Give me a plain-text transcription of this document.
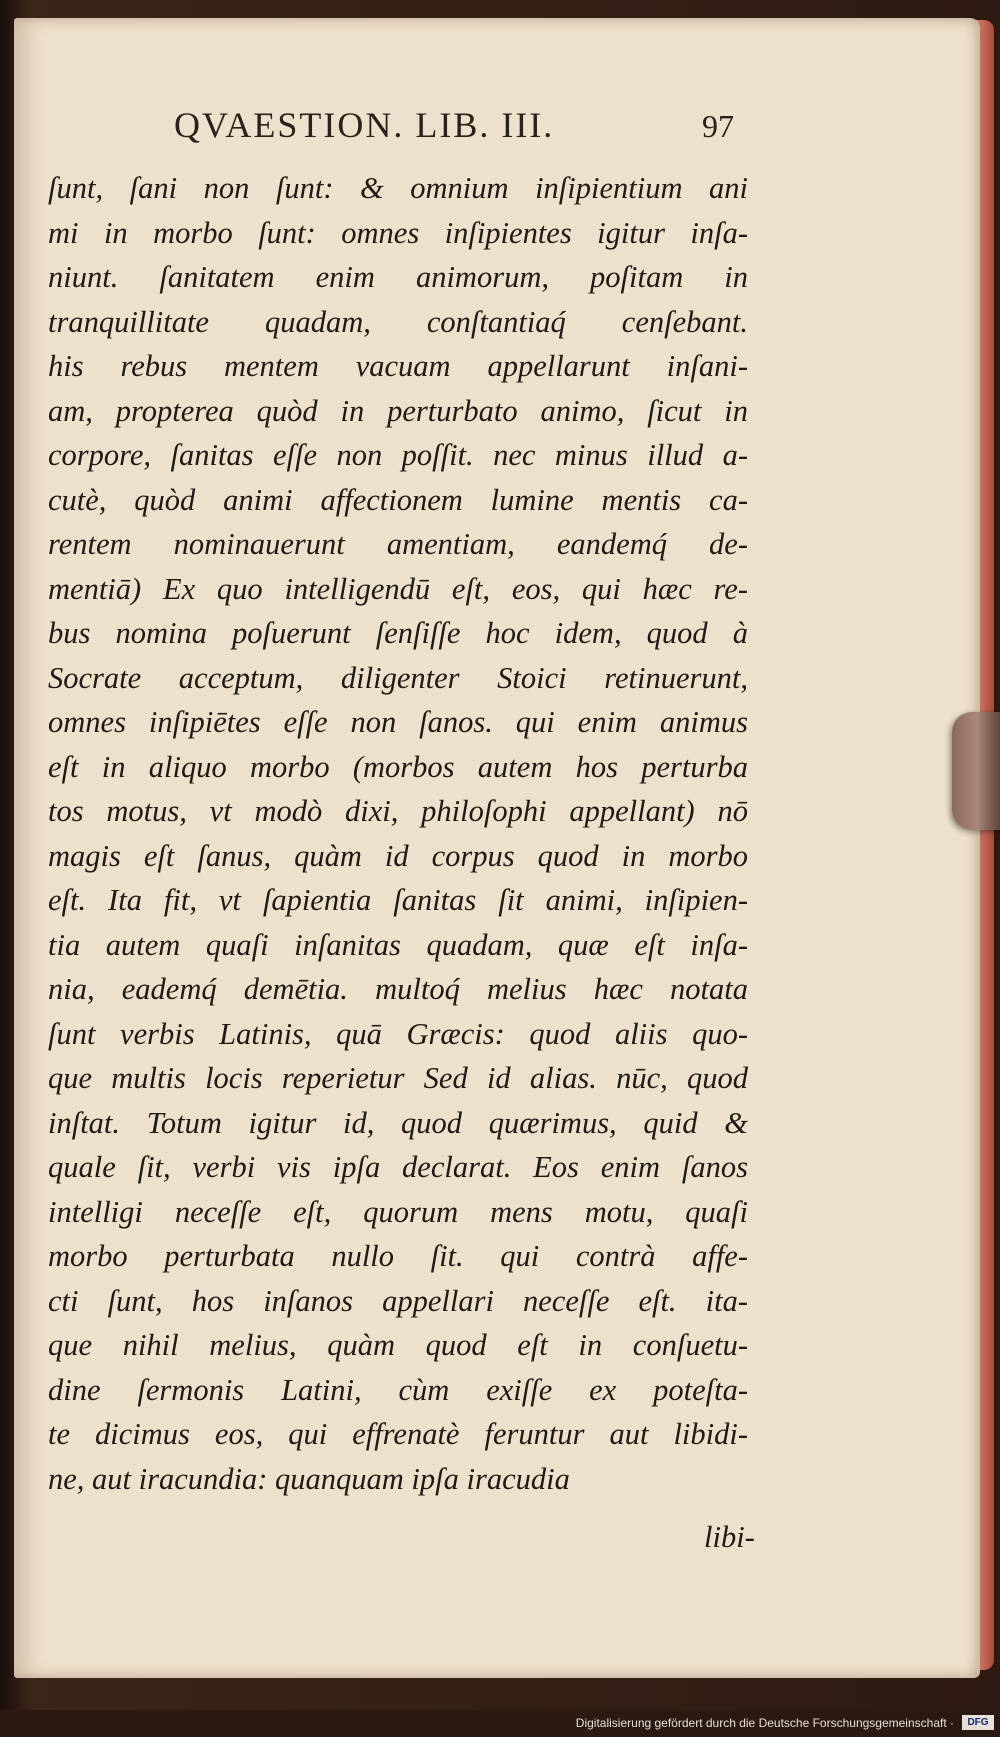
QVAESTION. LIB. III.	97
ſunt, ſani non ſunt: & omnium inſipientium ani
mi in morbo ſunt: omnes inſipientes igitur inſa-
niunt. ſanitatem enim animorum, poſitam in
tranquillitate quadam, conſtantiaq́ cenſebant.
his rebus mentem vacuam appellarunt inſani-
am, propterea quòd in perturbato animo, ſicut in
corpore, ſanitas eſſe non poſſit. nec minus illud a-
cutè, quòd animi affectionem lumine mentis ca-
rentem nominauerunt amentiam, eandemq́ de-
mentiā) Ex quo intelligendū eſt, eos, qui hæc re-
bus nomina poſuerunt ſenſiſſe hoc idem, quod à
Socrate acceptum, diligenter Stoici retinuerunt,
omnes inſipiētes eſſe non ſanos. qui enim animus
eſt in aliquo morbo (morbos autem hos perturba
tos motus, vt modò dixi, philoſophi appellant) nō
magis eſt ſanus, quàm id corpus quod in morbo
eſt. Ita fit, vt ſapientia ſanitas ſit animi, inſipien-
tia autem quaſi inſanitas quadam, quæ eſt inſa-
nia, eademq́ demētia. multoq́ melius hæc notata
ſunt verbis Latinis, quā Græcis: quod aliis quo-
que multis locis reperietur Sed id alias. nūc, quod
inſtat. Totum igitur id, quod quærimus, quid &
quale ſit, verbi vis ipſa declarat. Eos enim ſanos
intelligi neceſſe eſt, quorum mens motu, quaſi
morbo perturbata nullo ſit. qui contrà affe-
cti ſunt, hos inſanos appellari neceſſe eſt. ita-
que nihil melius, quàm quod eſt in conſuetu-
dine ſermonis Latini, cùm exiſſe ex poteſta-
te dicimus eos, qui effrenatè feruntur aut libidi-
ne, aut iracundia: quanquam ipſa iracudia
libi-
Digitalisierung gefördert durch die Deutsche Forschungsgemeinschaft ·	DFG
